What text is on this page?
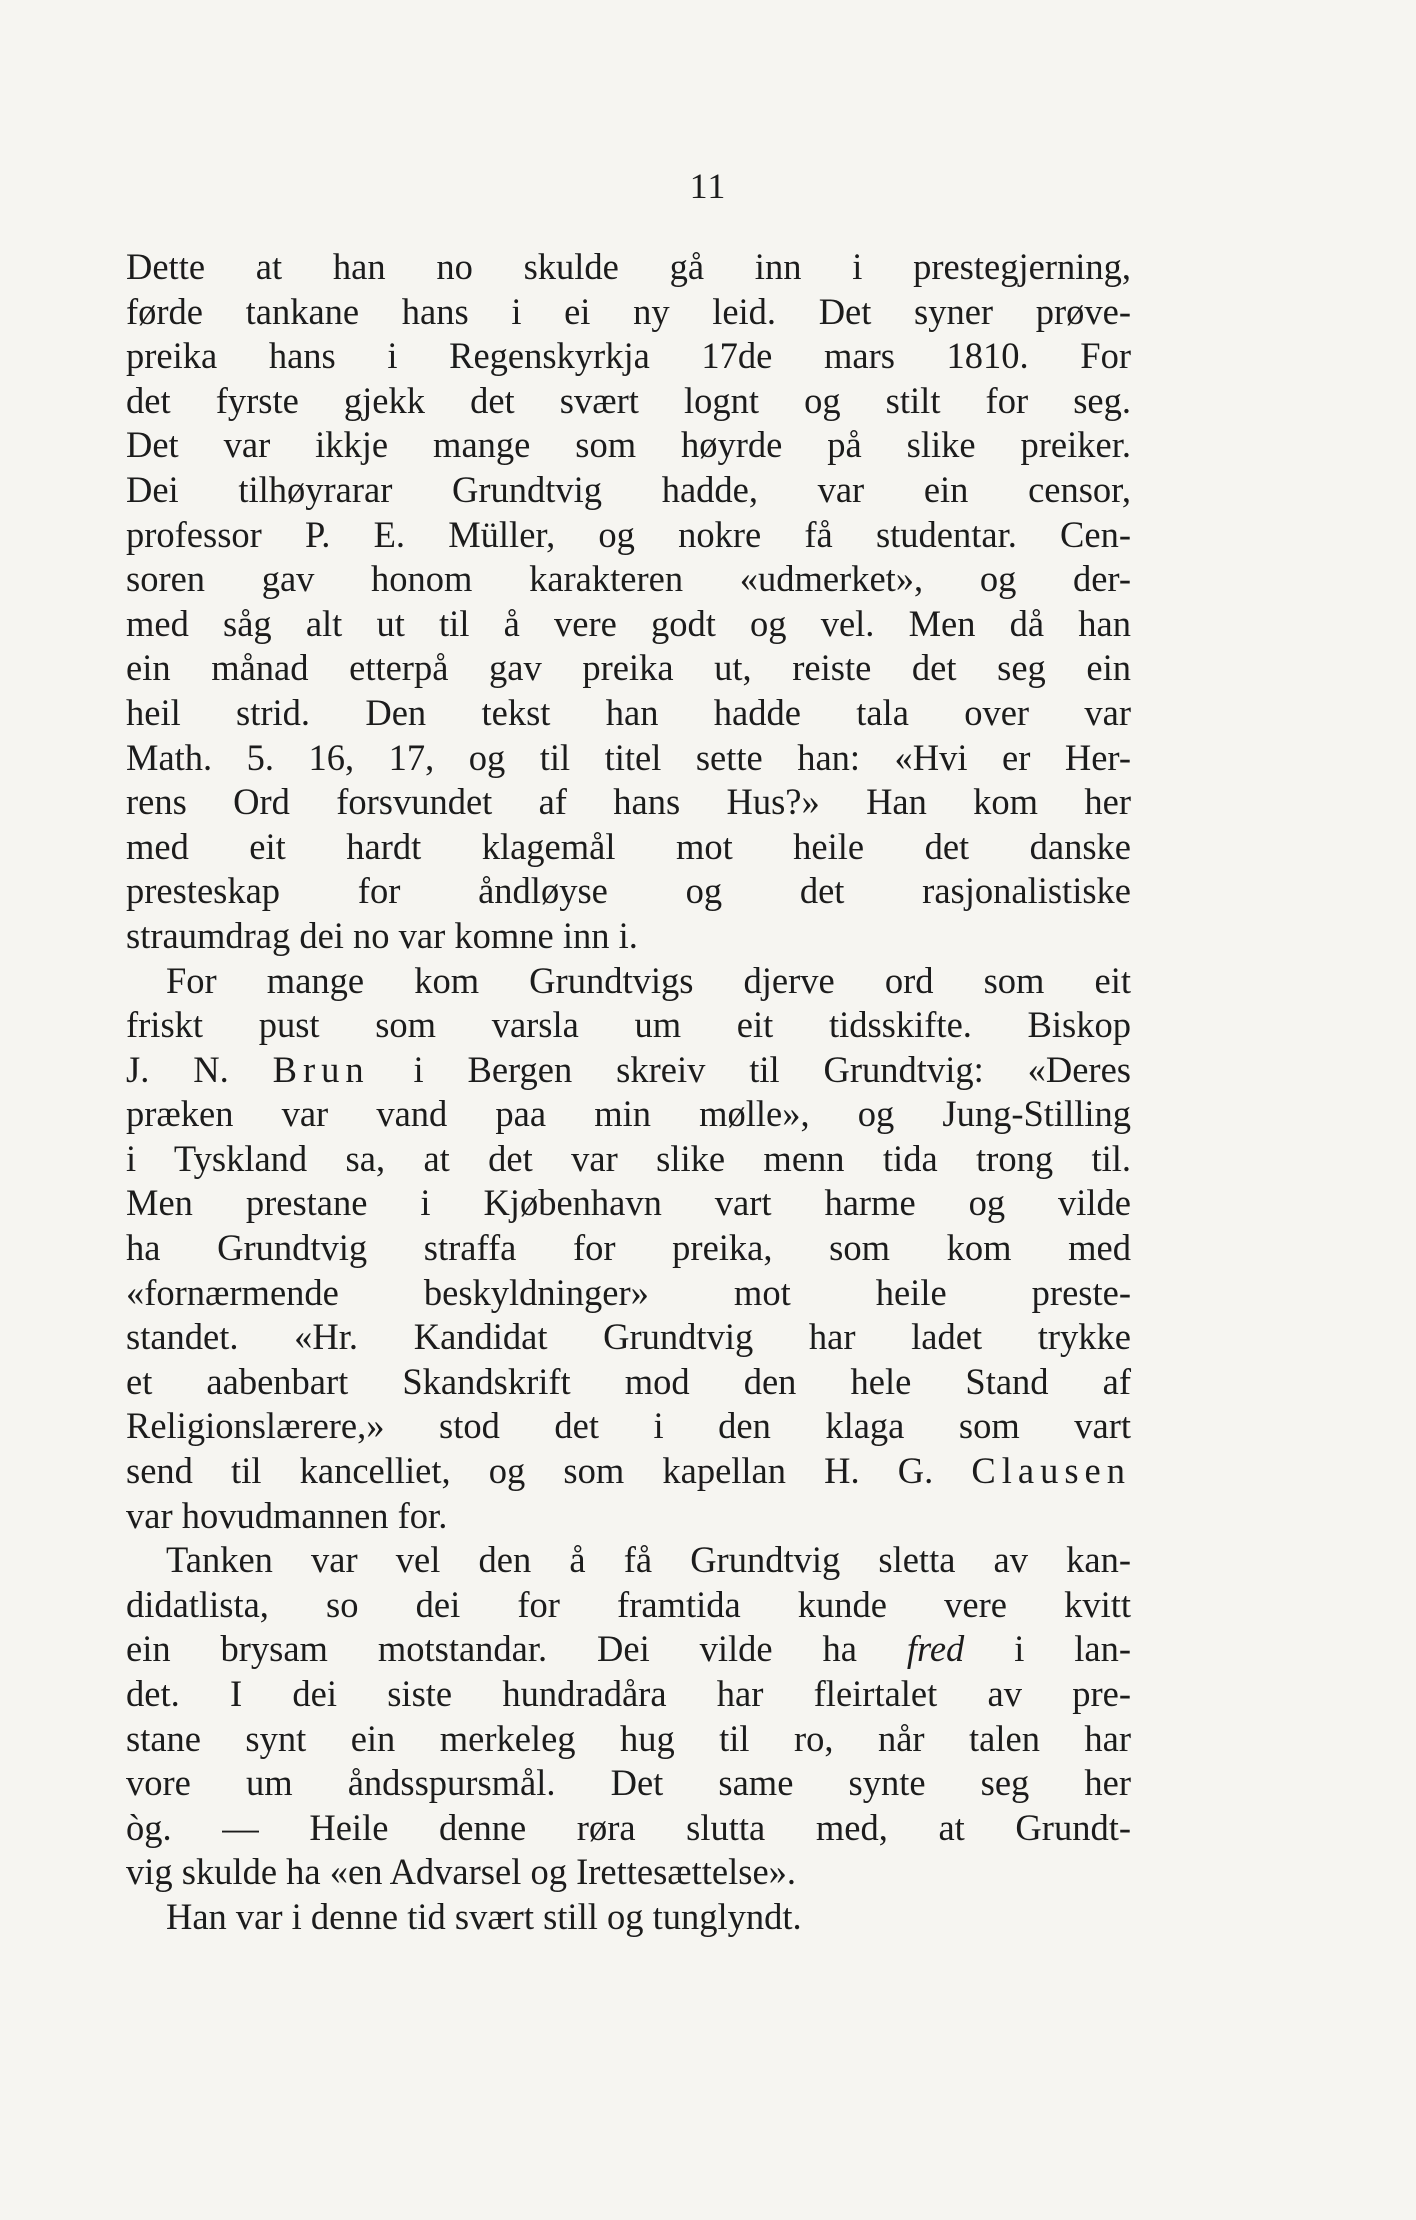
11
Dette at han no skulde gå inn i prestegjerning,
førde tankane hans i ei ny leid. Det syner prøve-
preika hans i Regenskyrkja 17de mars 1810. For
det fyrste gjekk det svært lognt og stilt for seg.
Det var ikkje mange som høyrde på slike preiker.
Dei tilhøyrarar Grundtvig hadde, var ein censor,
professor P. E. Müller, og nokre få studentar. Cen-
soren gav honom karakteren «udmerket», og der-
med såg alt ut til å vere godt og vel. Men då han
ein månad etterpå gav preika ut, reiste det seg ein
heil strid. Den tekst han hadde tala over var
Math. 5. 16, 17, og til titel sette han: «Hvi er Her-
rens Ord forsvundet af hans Hus?» Han kom her
med eit hardt klagemål mot heile det danske
presteskap for åndløyse og det rasjonalistiske
straumdrag dei no var komne inn i.
For mange kom Grundtvigs djerve ord som eit
friskt pust som varsla um eit tidsskifte. Biskop
J. N. Brun i Bergen skreiv til Grundtvig: «Deres
præken var vand paa min mølle», og Jung-Stilling
i Tyskland sa, at det var slike menn tida trong til.
Men prestane i Kjøbenhavn vart harme og vilde
ha Grundtvig straffa for preika, som kom med
«fornærmende beskyldninger» mot heile preste-
standet. «Hr. Kandidat Grundtvig har ladet trykke
et aabenbart Skandskrift mod den hele Stand af
Religionslærere,» stod det i den klaga som vart
send til kancelliet, og som kapellan H. G. Clausen
var hovudmannen for.
Tanken var vel den å få Grundtvig sletta av kan-
didatlista, so dei for framtida kunde vere kvitt
ein brysam motstandar. Dei vilde ha fred i lan-
det. I dei siste hundradåra har fleirtalet av pre-
stane synt ein merkeleg hug til ro, når talen har
vore um åndsspursmål. Det same synte seg her
òg. — Heile denne røra slutta med, at Grundt-
vig skulde ha «en Advarsel og Irettesættelse».
Han var i denne tid svært still og tunglyndt.
